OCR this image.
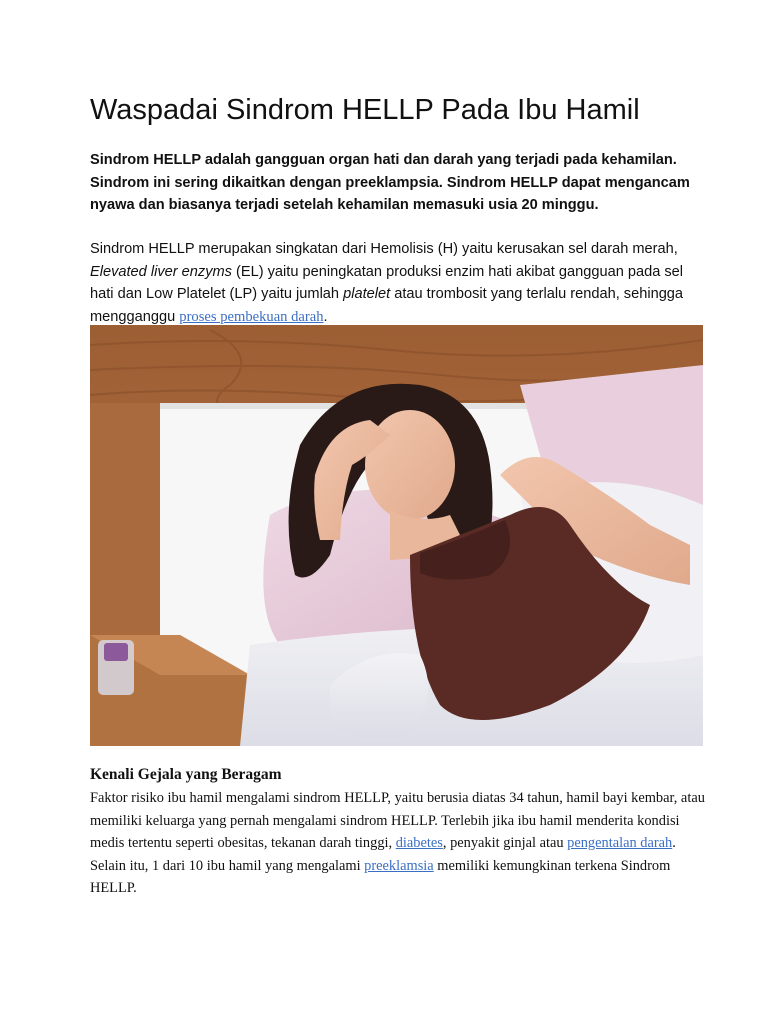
Waspadai Sindrom HELLP Pada Ibu Hamil

Sindrom HELLP adalah gangguan organ hati dan darah yang terjadi pada kehamilan. Sindrom ini sering dikaitkan dengan preeklampsia. Sindrom HELLP dapat mengancam nyawa dan biasanya terjadi setelah kehamilan memasuki usia 20 minggu.

Sindrom HELLP merupakan singkatan dari Hemolisis (H) yaitu kerusakan sel darah merah, Elevated liver enzyms (EL) yaitu peningkatan produksi enzim hati akibat gangguan pada sel hati dan Low Platelet (LP) yaitu jumlah platelet atau trombosit yang terlalu rendah, sehingga mengganggu proses pembekuan darah.

Kenali Gejala yang Beragam

Faktor risiko ibu hamil mengalami sindrom HELLP, yaitu berusia diatas 34 tahun, hamil bayi kembar, atau memiliki keluarga yang pernah mengalami sindrom HELLP. Terlebih jika ibu hamil menderita kondisi medis tertentu seperti obesitas, tekanan darah tinggi, diabetes, penyakit ginjal atau pengentalan darah. Selain itu, 1 dari 10 ibu hamil yang mengalami preeklamsia memiliki kemungkinan terkena Sindrom HELLP.
